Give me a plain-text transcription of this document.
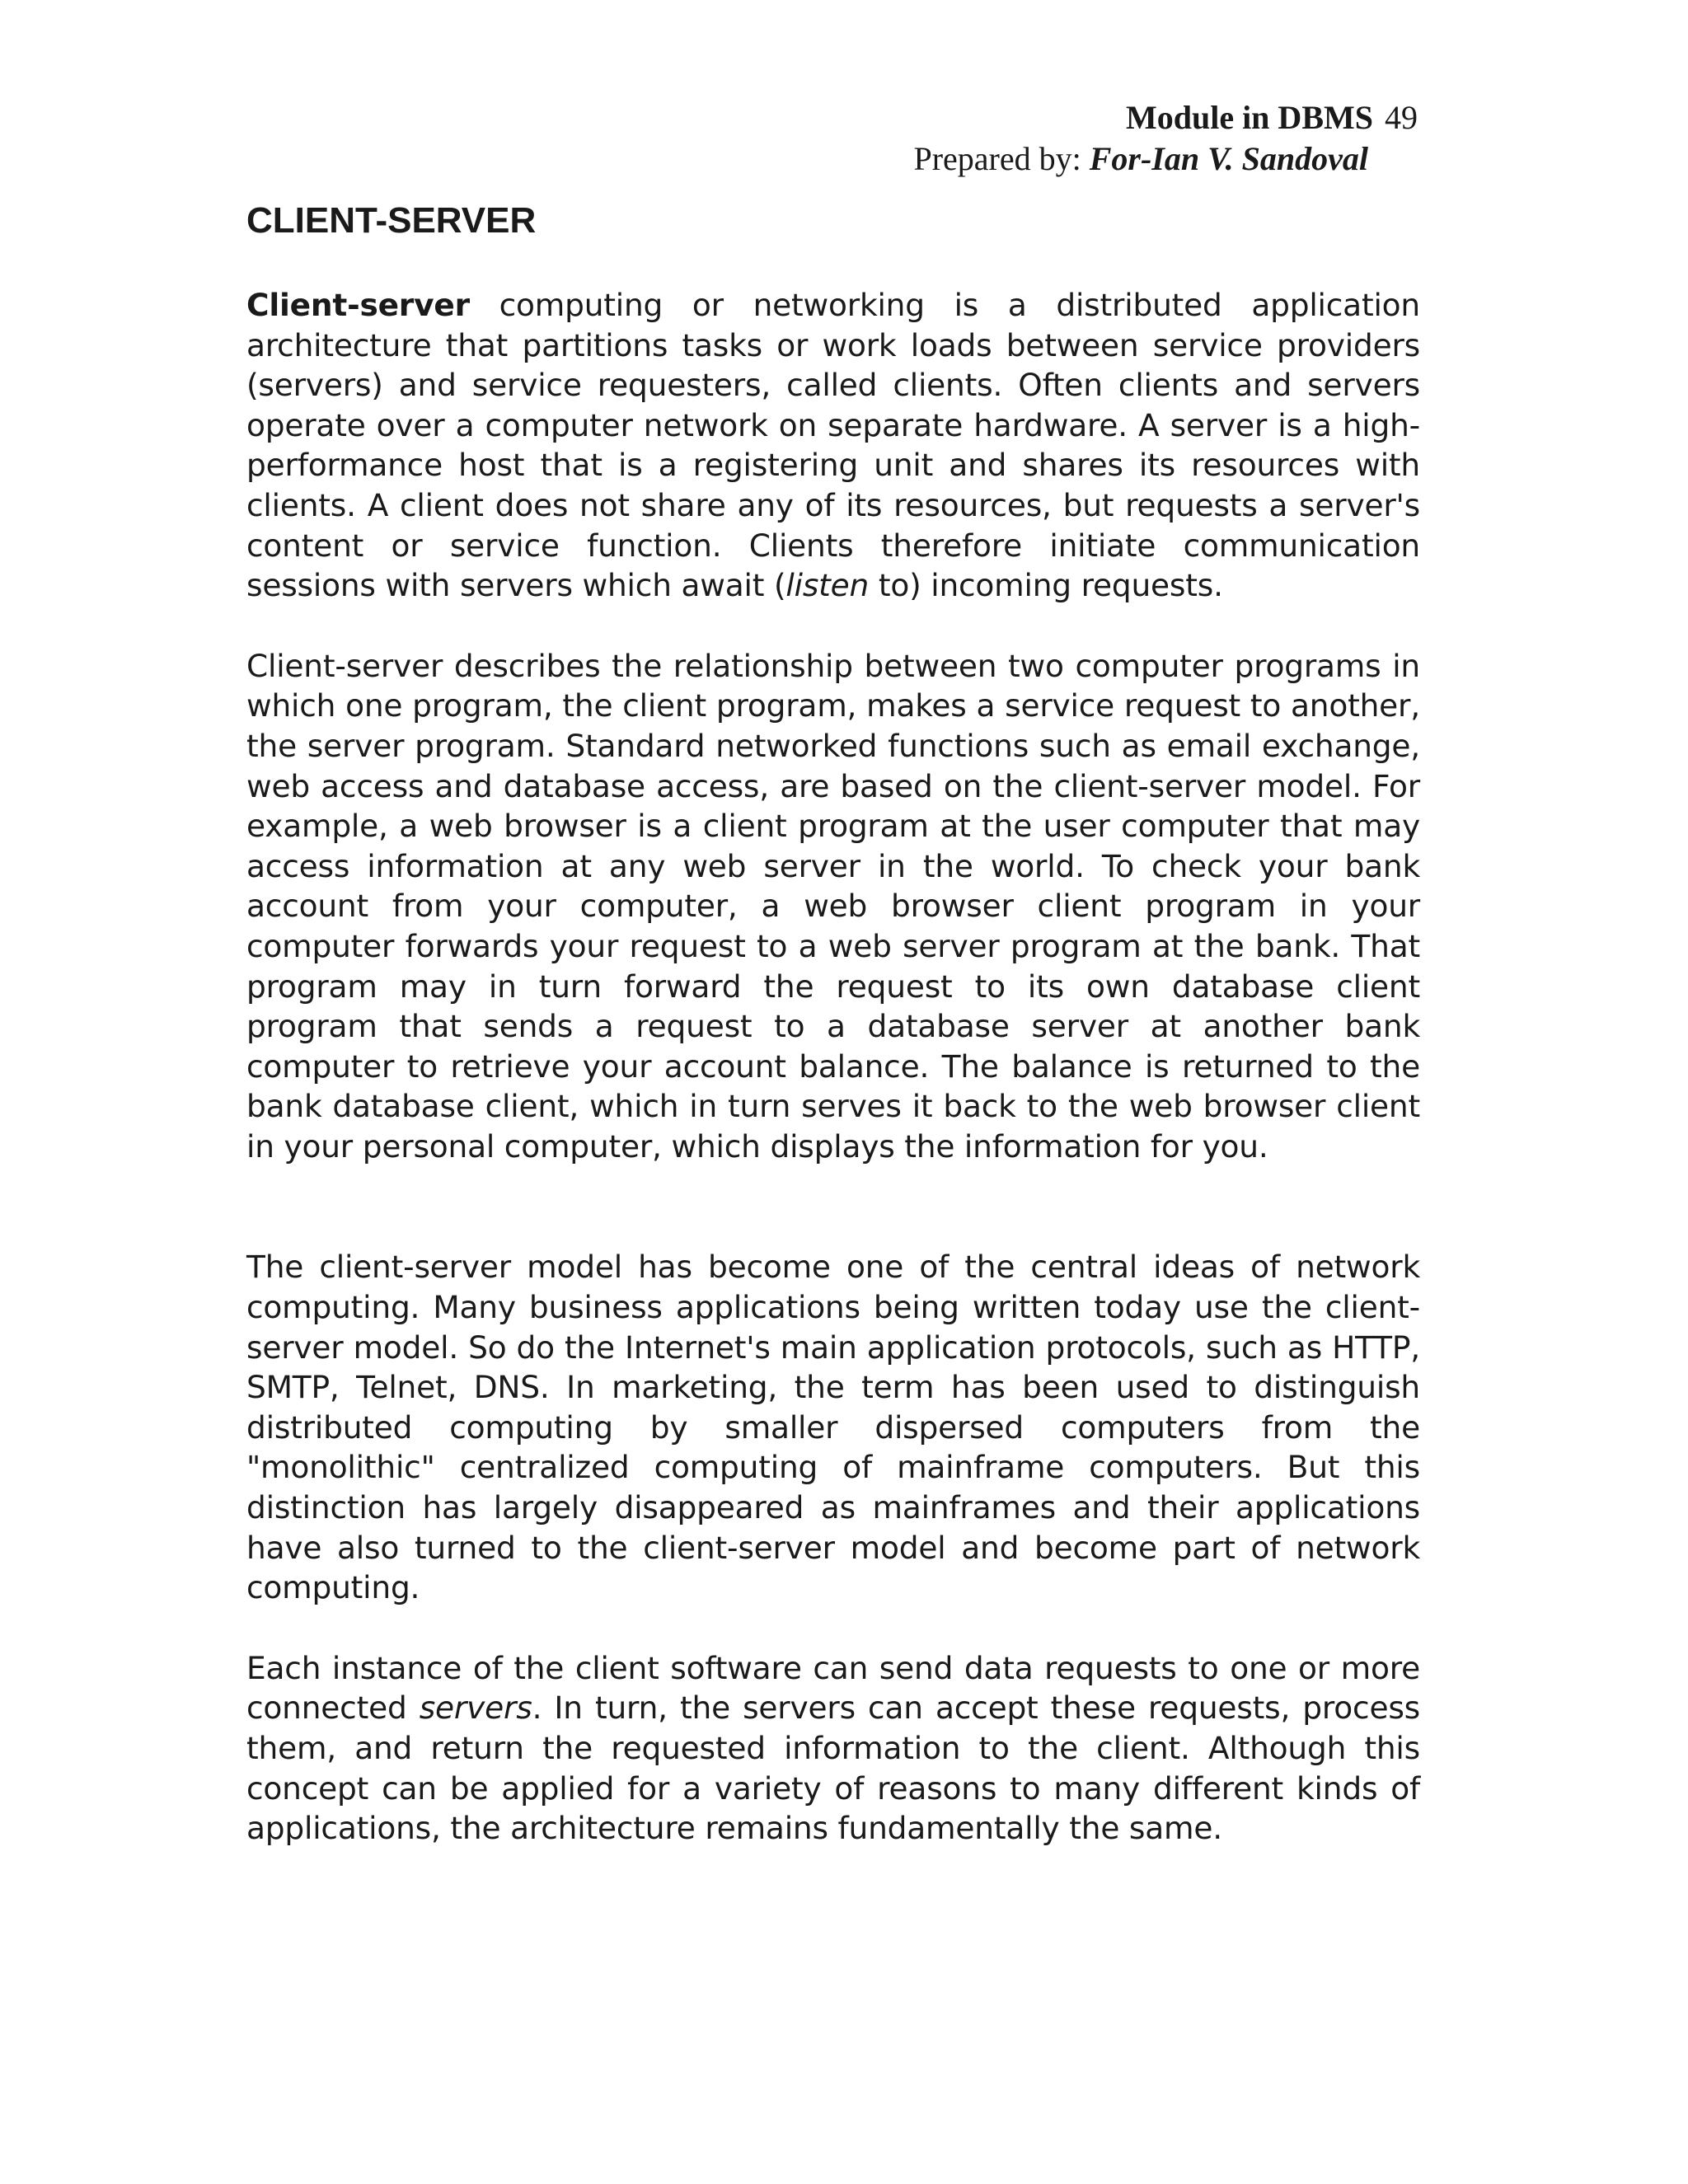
Module in DBMS 49
Prepared by: For-Ian V. Sandoval
CLIENT-SERVER

Client-server computing or networking is a distributed application architecture that partitions tasks or work loads between service providers (servers) and service requesters, called clients. Often clients and servers operate over a computer network on separate hardware. A server is a high-performance host that is a registering unit and shares its resources with clients. A client does not share any of its resources, but requests a server's content or service function. Clients therefore initiate communication sessions with servers which await (listen to) incoming requests.

Client-server describes the relationship between two computer programs in which one program, the client program, makes a service request to another, the server program. Standard networked functions such as email exchange, web access and database access, are based on the client-server model. For example, a web browser is a client program at the user computer that may access information at any web server in the world. To check your bank account from your computer, a web browser client program in your computer forwards your request to a web server program at the bank. That program may in turn forward the request to its own database client program that sends a request to a database server at another bank computer to retrieve your account balance. The balance is returned to the bank database client, which in turn serves it back to the web browser client in your personal computer, which displays the information for you.

The client-server model has become one of the central ideas of network computing. Many business applications being written today use the client-server model. So do the Internet's main application protocols, such as HTTP, SMTP, Telnet, DNS. In marketing, the term has been used to distinguish distributed computing by smaller dispersed computers from the "monolithic" centralized computing of mainframe computers. But this distinction has largely disappeared as mainframes and their applications have also turned to the client-server model and become part of network computing.

Each instance of the client software can send data requests to one or more connected servers. In turn, the servers can accept these requests, process them, and return the requested information to the client. Although this concept can be applied for a variety of reasons to many different kinds of applications, the architecture remains fundamentally the same.
